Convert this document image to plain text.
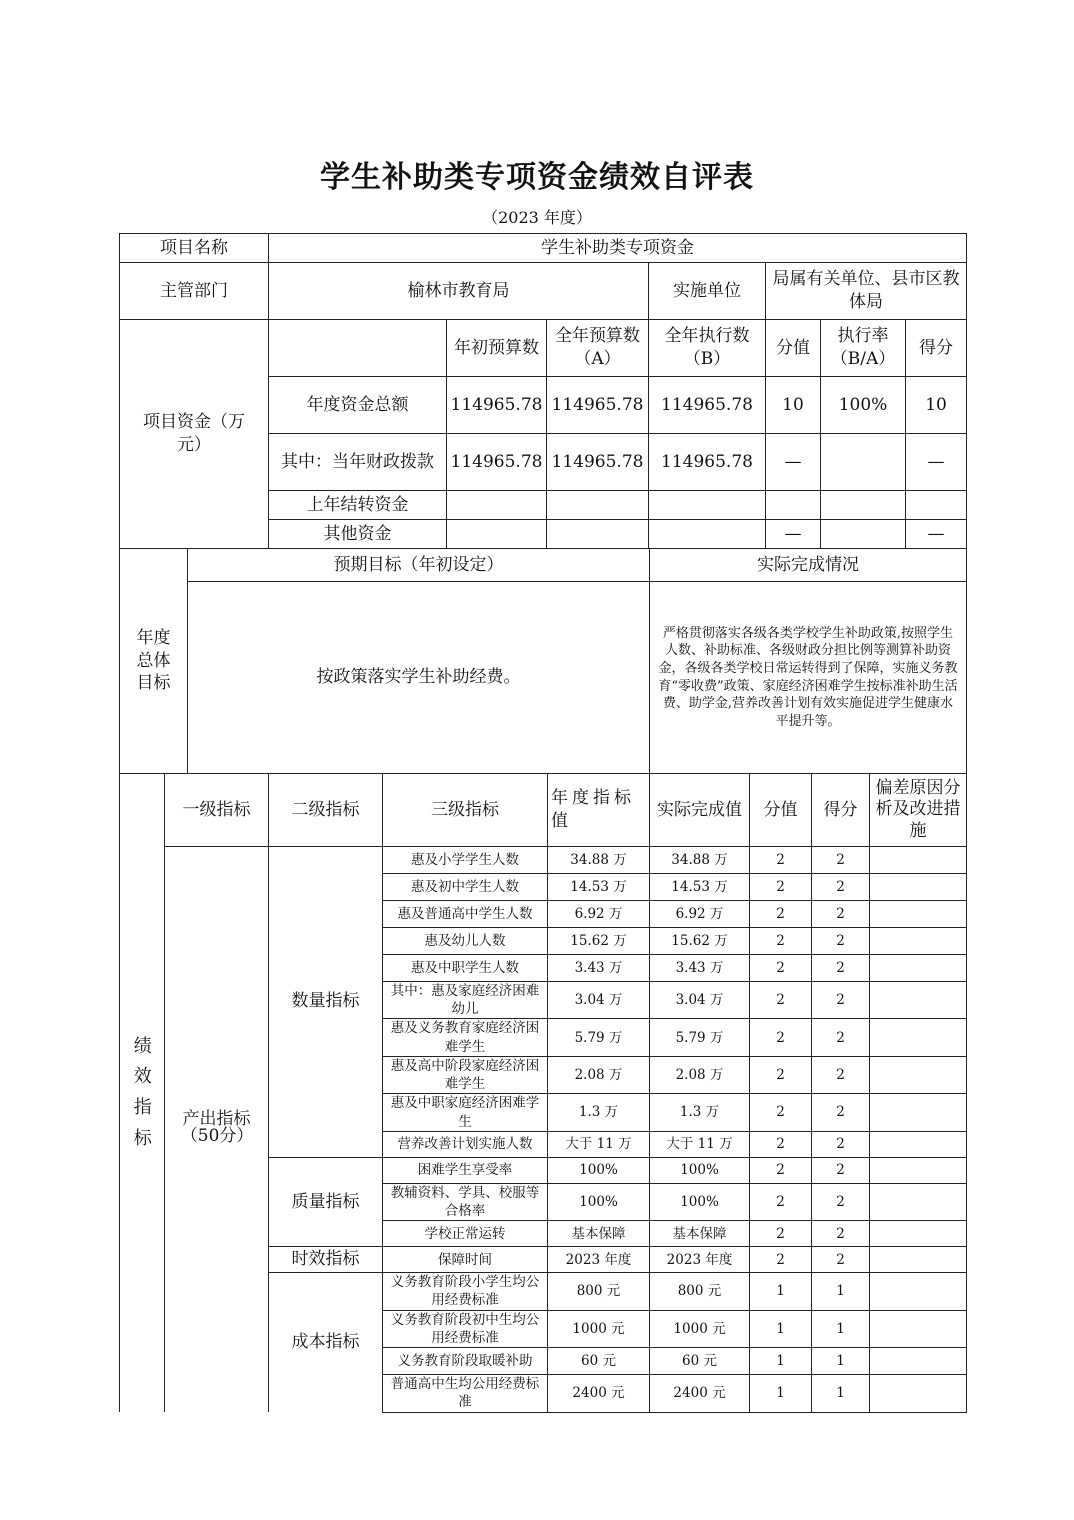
学生补助类专项资金绩效自评表
（2023 年度）
项目名称	学生补助类专项资金						
主管部门	榆林市教育局			实施单位	局属有关单位、县市区教体局		
项目资金（万元）		年初预算数	全年预算数（A）	全年执行数（B）	分值	执行率（B/A）	得分
	年度资金总额	114965.78	114965.78	114965.78	10	100%	10
	其中：当年财政拨款	114965.78	114965.78	114965.78	—		—
	上年结转资金						
	其他资金				—		—
年度总体目标	预期目标（年初设定）	实际完成情况
	按政策落实学生补助经费。	严格贯彻落实各级各类学校学生补助政策,按照学生人数、补助标准、各级财政分担比例等测算补助资金，各级各类学校日常运转得到了保障，实施义务教育“零收费”政策、家庭经济困难学生按标准补助生活费、助学金,营养改善计划有效实施促进学生健康水平提升等。
绩效指标	一级指标	二级指标	三级指标	年度指标值	实际完成值	分值	得分	偏差原因分析及改进措施
	产出指标（50分）	数量指标	惠及小学学生人数	34.88 万	34.88 万	2	2	
			惠及初中学生人数	14.53 万	14.53 万	2	2	
			惠及普通高中学生人数	6.92 万	6.92 万	2	2	
			惠及幼儿人数	15.62 万	15.62 万	2	2	
			惠及中职学生人数	3.43 万	3.43 万	2	2	
			其中：惠及家庭经济困难幼儿	3.04 万	3.04 万	2	2	
			惠及义务教育家庭经济困难学生	5.79 万	5.79 万	2	2	
			惠及高中阶段家庭经济困难学生	2.08 万	2.08 万	2	2	
			惠及中职家庭经济困难学生	1.3 万	1.3 万	2	2	
			营养改善计划实施人数	大于 11 万	大于 11 万	2	2	
		质量指标	困难学生享受率	100%	100%	2	2	
			教辅资料、学具、校服等合格率	100%	100%	2	2	
			学校正常运转	基本保障	基本保障	2	2	
		时效指标	保障时间	2023 年度	2023 年度	2	2	
		成本指标	义务教育阶段小学生均公用经费标准	800 元	800 元	1	1	
			义务教育阶段初中生均公用经费标准	1000 元	1000 元	1	1	
			义务教育阶段取暖补助	60 元	60 元	1	1	
			普通高中生均公用经费标准	2400 元	2400 元	1	1	
